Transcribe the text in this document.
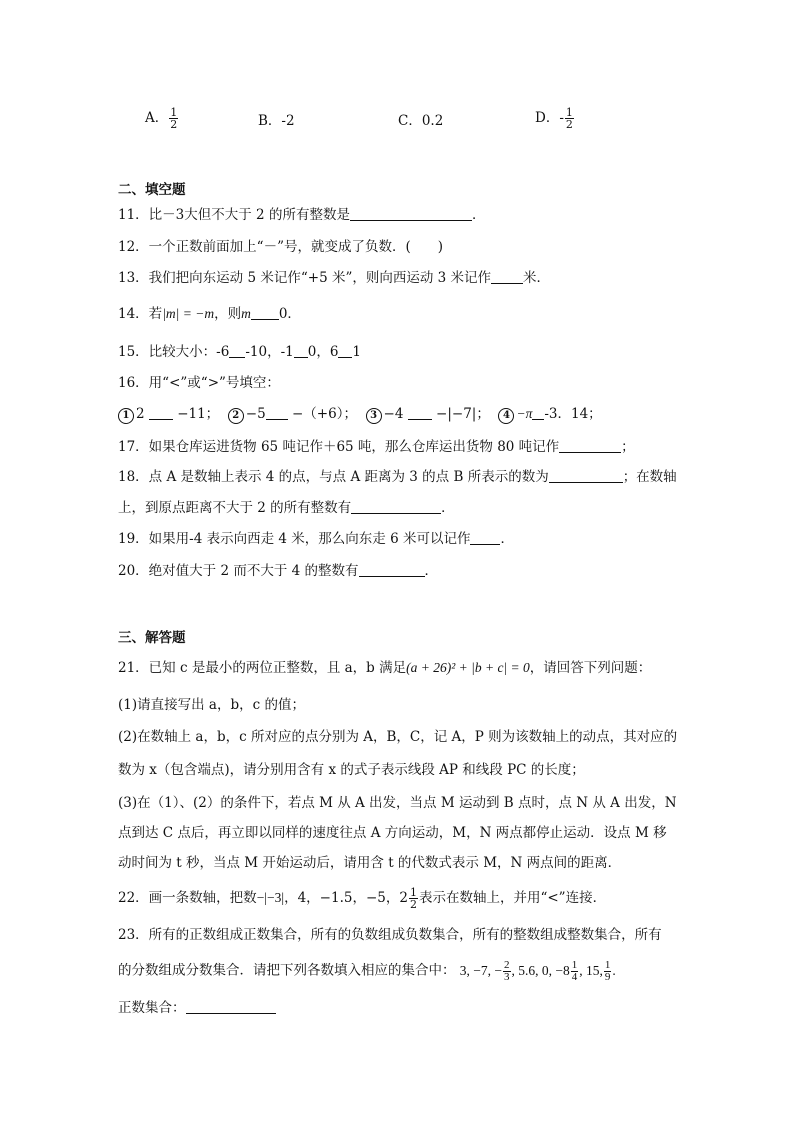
A． $\frac{1}{2}$	B．-2	C．0.2	D．- $\frac{1}{2}$
二、填空题
11．比－3大但不大于 2 的所有整数是	．
12．一个正数前面加上“－”号，就变成了负数．(　　)
13．我们把向东运动 5 米记作“+5 米”，则向西运动 3 米记作 米．
14．若|m| = −m，则m 0．
15．比较大小：-6 -10，-1 0，6 1
16．用“<”或“>”号填空：
1 2 −11； 2 −5 −（+6）； 3 −4 −|−7|； 4 −π -3．14；
17．如果仓库运进货物 65 吨记作＋65 吨，那么仓库运出货物 80 吨记作	；
18．点 A 是数轴上表示 4 的点，与点 A 距离为 3 的点 B 所表示的数为	；在数轴
上，到原点距离不大于 2 的所有整数有	．
19．如果用-4 表示向西走 4 米，那么向东走 6 米可以记作 ．
20．绝对值大于 2 而不大于 4 的整数有	．
三、解答题
21．已知 c 是最小的两位正整数，且 a，b 满足(a + 26)² + |b + c| = 0，请回答下列问题：
(1)请直接写出 a，b，c 的值；
(2)在数轴上 a，b，c 所对应的点分别为 A，B，C，记 A，P 则为该数轴上的动点，其对应的
数为 x（包含端点)，请分别用含有 x 的式子表示线段 AP 和线段 PC 的长度；
(3)在（1）、(2）的条件下，若点 M 从 A 出发，当点 M 运动到 B 点时，点 N 从 A 出发，N
点到达 C 点后，再立即以同样的速度往点 A 方向运动，M，N 两点都停止运动．设点 M 移
动时间为 t 秒，当点 M 开始运动后，请用含 t 的代数式表示 M，N 两点间的距离．
22．画一条数轴，把数−|−3|，4，−1.5，−5，$2 \frac{1}{2}$ 表示在数轴上，并用“<”连接．
23．所有的正数组成正数集合，所有的负数组成负数集合，所有的整数组成整数集合，所有
的分数组成分数集合．请把下列各数填入相应的集合中： 3, −7, − $\frac{2}{3}$ , 5.6, 0, $-8 \frac{1}{4}$ , 15, $\frac{1}{9}$ .
正数集合：
